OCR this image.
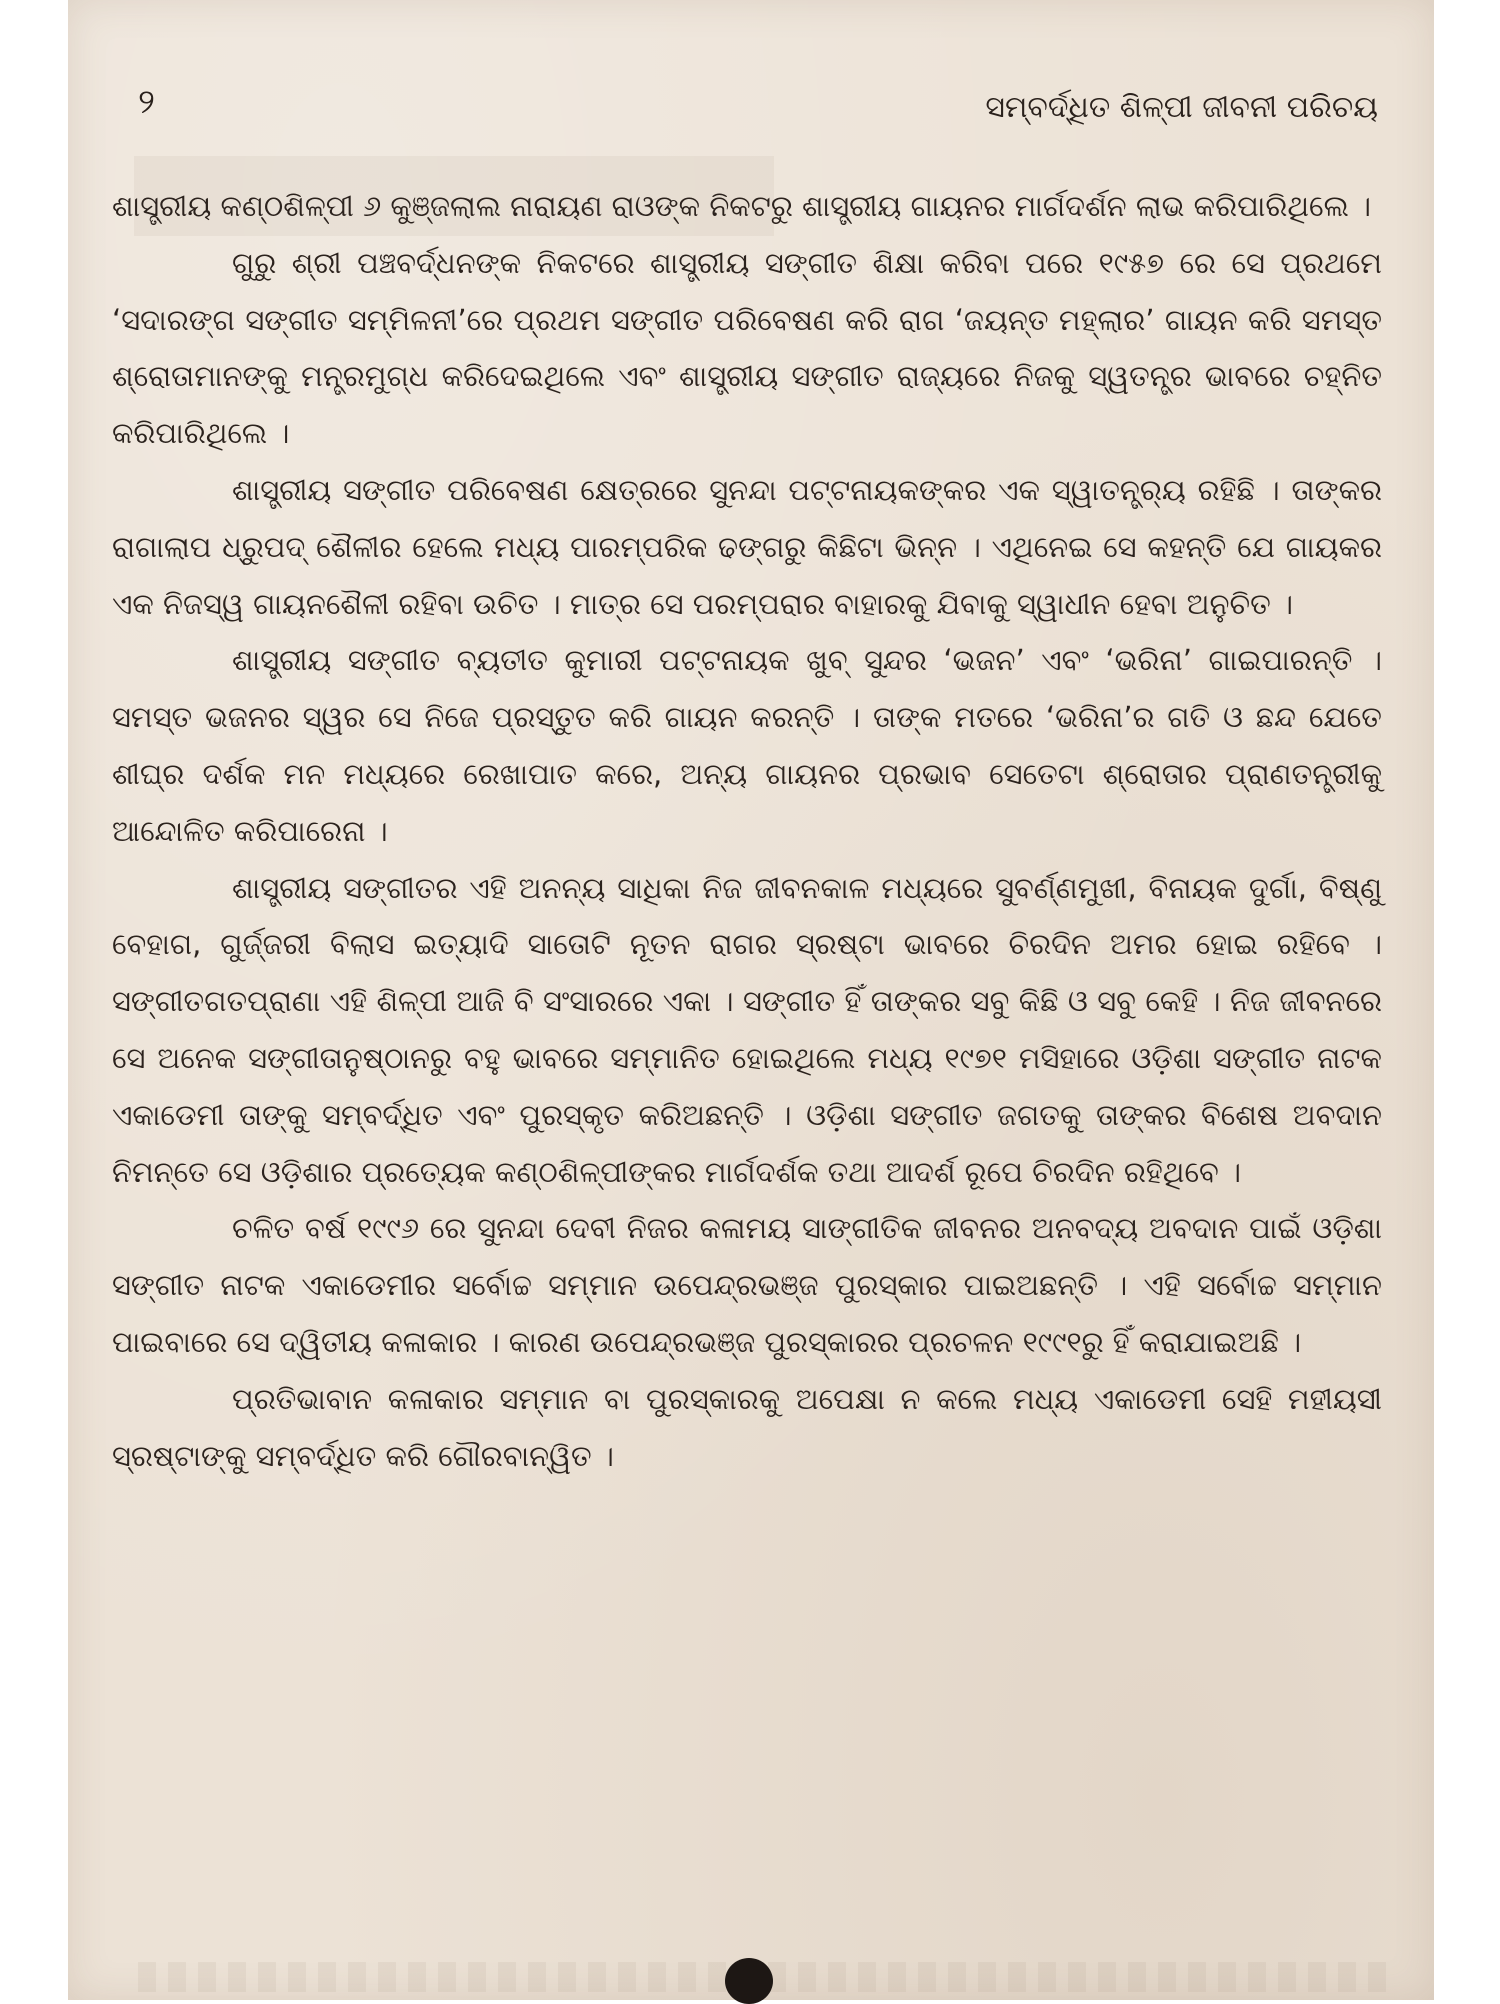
୨	ସମ୍ବର୍ଦ୍ଧିତ ଶିଳ୍ପୀ ଜୀବନୀ ପରିଚୟ

ଶାସ୍ତ୍ରୀୟ କଣ୍ଠଶିଳ୍ପୀ ୬ କୁଞ୍ଜଲାଲ ନାରାୟଣ ରାଓଙ୍କ ନିକଟରୁ ଶାସ୍ତ୍ରୀୟ ଗାୟନର ମାର୍ଗଦର୍ଶନ ଲାଭ କରିପାରିଥିଲେ ।

ଗୁରୁ ଶ୍ରୀ ପଞ୍ଚବର୍ଦ୍ଧନଙ୍କ ନିକଟରେ ଶାସ୍ତ୍ରୀୟ ସଙ୍ଗୀତ ଶିକ୍ଷା କରିବା ପରେ ୧୯୫୭ ରେ ସେ ପ୍ରଥମେ ‘ସଦାରଙ୍ଗ ସଙ୍ଗୀତ ସମ୍ମିଳନୀ’ରେ ପ୍ରଥମ ସଙ୍ଗୀତ ପରିବେଷଣ କରି ରାଗ ‘ଜୟନ୍ତ ମହ୍ଲାର’ ଗାୟନ କରି ସମସ୍ତ ଶ୍ରୋତାମାନଙ୍କୁ ମନ୍ତ୍ରମୁଗ୍ଧ କରିଦେଇଥିଲେ ଏବଂ ଶାସ୍ତ୍ରୀୟ ସଙ୍ଗୀତ ରାଜ୍ୟରେ ନିଜକୁ ସ୍ୱତନ୍ତ୍ର ଭାବରେ ଚହ୍ନିତ କରିପାରିଥିଲେ ।

ଶାସ୍ତ୍ରୀୟ ସଙ୍ଗୀତ ପରିବେଷଣ କ୍ଷେତ୍ରରେ ସୁନନ୍ଦା ପଟ୍ଟନାୟକଙ୍କର ଏକ ସ୍ୱାତନ୍ତ୍ର୍ୟ ରହିଛି । ତାଙ୍କର ରାଗାଲାପ ଧ୍ରୁପଦ୍ ଶୈଳୀର ହେଲେ ମଧ୍ୟ ପାରମ୍ପରିକ ଢଙ୍ଗରୁ କିଛିଟା ଭିନ୍ନ । ଏଥିନେଇ ସେ କହନ୍ତି ଯେ ଗାୟକର ଏକ ନିଜସ୍ୱ ଗାୟନଶୈଳୀ ରହିବା ଉଚିତ । ମାତ୍ର ସେ ପରମ୍ପରାର ବାହାରକୁ ଯିବାକୁ ସ୍ୱାଧୀନ ହେବା ଅନୁଚିତ ।

ଶାସ୍ତ୍ରୀୟ ସଙ୍ଗୀତ ବ୍ୟତୀତ କୁମାରୀ ପଟ୍ଟନାୟକ ଖୁବ୍ ସୁନ୍ଦର ‘ଭଜନ’ ଏବଂ ‘ଭରିନା’ ଗାଇପାରନ୍ତି । ସମସ୍ତ ଭଜନର ସ୍ୱର ସେ ନିଜେ ପ୍ରସ୍ତୁତ କରି ଗାୟନ କରନ୍ତି । ତାଙ୍କ ମତରେ ‘ଭରିନା’ର ଗତି ଓ ଛନ୍ଦ ଯେତେ ଶୀଘ୍ର ଦର୍ଶକ ମନ ମଧ୍ୟରେ ରେଖାପାତ କରେ, ଅନ୍ୟ ଗାୟନର ପ୍ରଭାବ ସେତେଟା ଶ୍ରୋତାର ପ୍ରାଣତନ୍ତ୍ରୀକୁ ଆନ୍ଦୋଳିତ କରିପାରେନା ।

ଶାସ୍ତ୍ରୀୟ ସଙ୍ଗୀତର ଏହି ଅନନ୍ୟ ସାଧିକା ନିଜ ଜୀବନକାଳ ମଧ୍ୟରେ ସୁବର୍ଣ୍ଣମୁଖୀ, ବିନାୟକ ଦୁର୍ଗା, ବିଷ୍ଣୁ ବେହାଗ, ଗୁର୍ଜ୍ଜରୀ ବିଲାସ ଇତ୍ୟାଦି ସାତୋଟି ନୂତନ ରାଗର ସ୍ରଷ୍ଟା ଭାବରେ ଚିରଦିନ ଅମର ହୋଇ ରହିବେ । ସଙ୍ଗୀତଗତପ୍ରାଣା ଏହି ଶିଳ୍ପୀ ଆଜି ବି ସଂସାରରେ ଏକା । ସଙ୍ଗୀତ ହିଁ ତାଙ୍କର ସବୁ କିଛି ଓ ସବୁ କେହି । ନିଜ ଜୀବନରେ ସେ ଅନେକ ସଙ୍ଗୀତାନୁଷ୍ଠାନରୁ ବହୁ ଭାବରେ ସମ୍ମାନିତ ହୋଇଥିଲେ ମଧ୍ୟ ୧୯୭୧ ମସିହାରେ ଓଡ଼ିଶା ସଙ୍ଗୀତ ନାଟକ ଏକାଡେମୀ ତାଙ୍କୁ ସମ୍ବର୍ଦ୍ଧିତ ଏବଂ ପୁରସ୍କୃତ କରିଅଛନ୍ତି । ଓଡ଼ିଶା ସଙ୍ଗୀତ ଜଗତକୁ ତାଙ୍କର ବିଶେଷ ଅବଦାନ ନିମନ୍ତେ ସେ ଓଡ଼ିଶାର ପ୍ରତ୍ୟେକ କଣ୍ଠଶିଳ୍ପୀଙ୍କର ମାର୍ଗଦର୍ଶକ ତଥା ଆଦର୍ଶ ରୂପେ ଚିରଦିନ ରହିଥିବେ ।

ଚଳିତ ବର୍ଷ ୧୯୯୬ ରେ ସୁନନ୍ଦା ଦେବୀ ନିଜର କଳାମୟ ସାଙ୍ଗୀତିକ ଜୀବନର ଅନବଦ୍ୟ ଅବଦାନ ପାଇଁ ଓଡ଼ିଶା ସଙ୍ଗୀତ ନାଟକ ଏକାଡେମୀର ସର୍ବୋଚ୍ଚ ସମ୍ମାନ ଉପେନ୍ଦ୍ରଭଞ୍ଜ ପୁରସ୍କାର ପାଇଅଛନ୍ତି । ଏହି ସର୍ବୋଚ୍ଚ ସମ୍ମାନ ପାଇବାରେ ସେ ଦ୍ୱିତୀୟ କଳାକାର । କାରଣ ଉପେନ୍ଦ୍ରଭଞ୍ଜ ପୁରସ୍କାରର ପ୍ରଚଳନ ୧୯୯୧ରୁ ହିଁ କରାଯାଇଅଛି ।

ପ୍ରତିଭାବାନ କଳାକାର ସମ୍ମାନ ବା ପୁରସ୍କାରକୁ ଅପେକ୍ଷା ନ କଲେ ମଧ୍ୟ ଏକାଡେମୀ ସେହି ମହୀୟସୀ ସ୍ରଷ୍ଟାଙ୍କୁ ସମ୍ବର୍ଦ୍ଧିତ କରି ଗୌରବାନ୍ୱିତ ।
